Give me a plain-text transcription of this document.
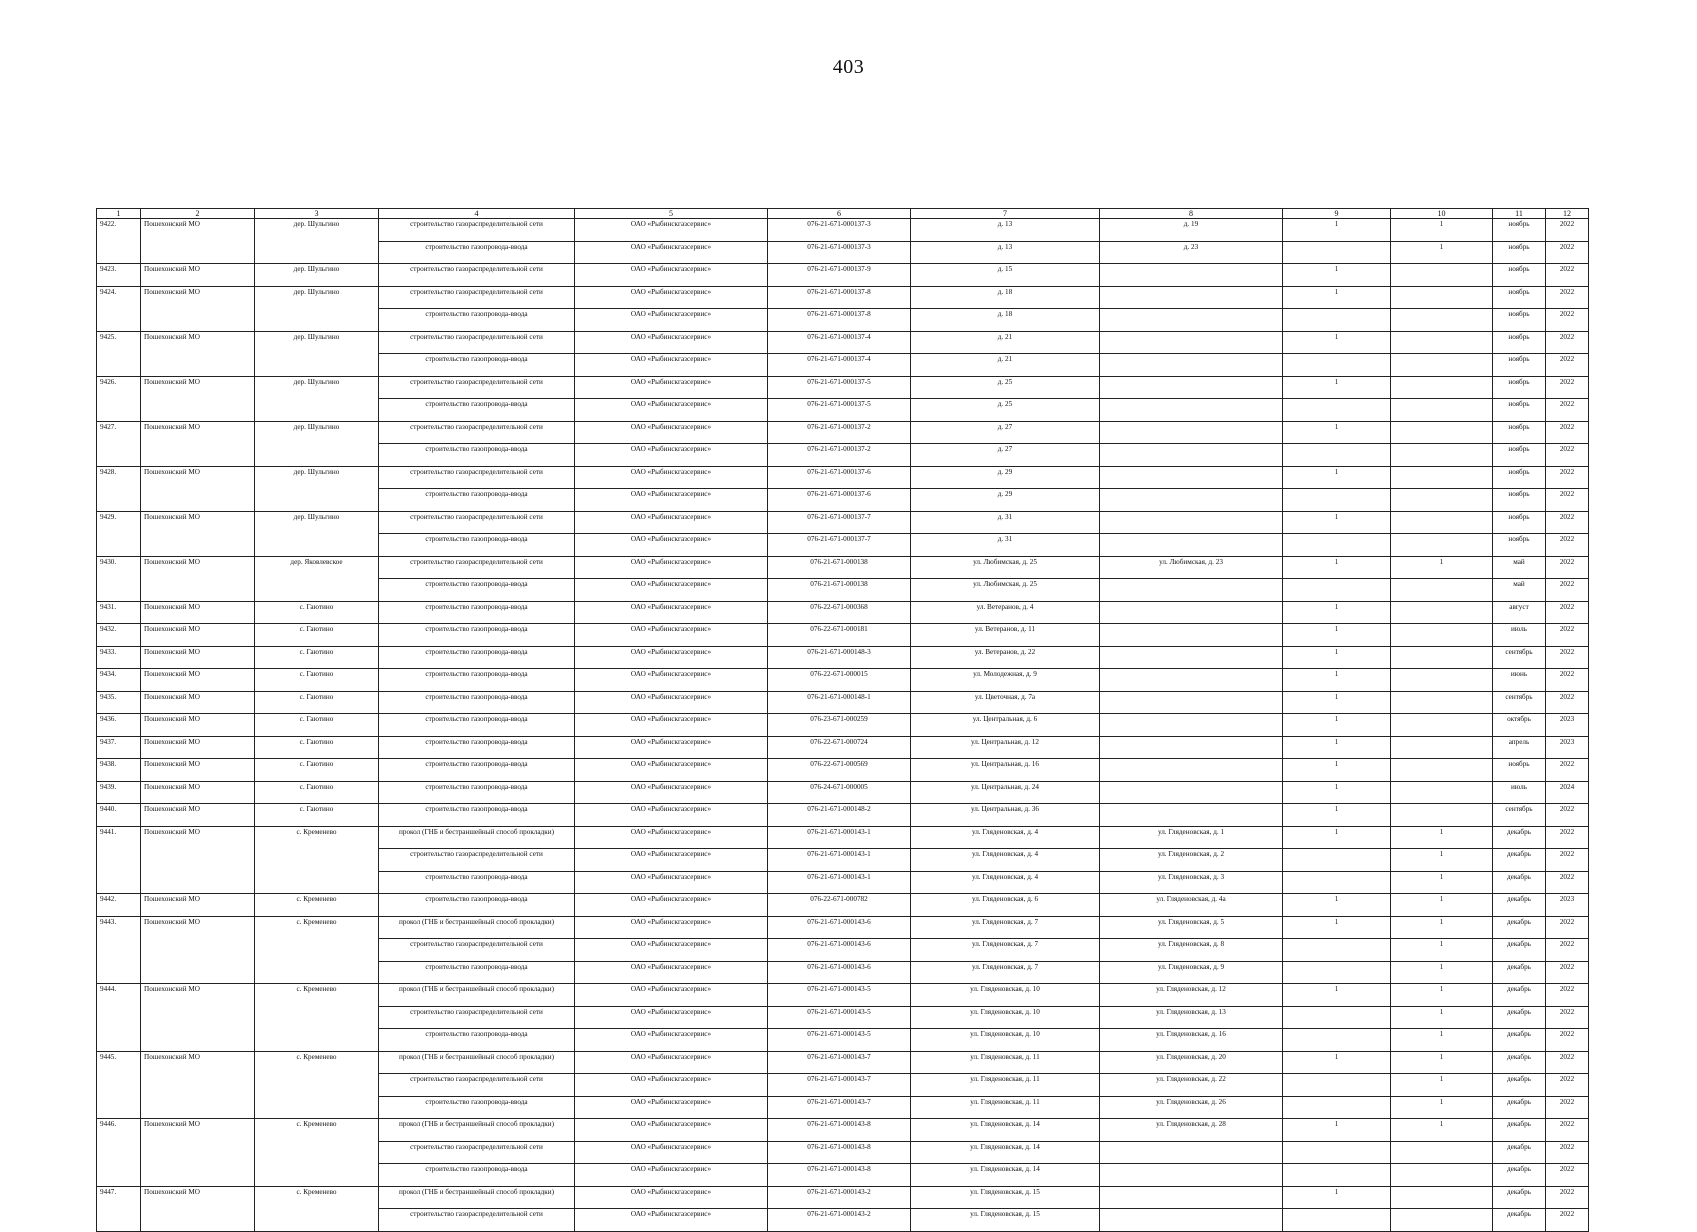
403
1	2	3	4	5	6	7	8	9	10	11	12
9422.	Пошехонский МО	дер. Шульгино	строительство газораспределительной сети	ОАО «Рыбинскгазсервис»	076-21-671-000137-3	д. 13	д. 19	1	1	ноябрь	2022
			строительство газопровода-ввода	ОАО «Рыбинскгазсервис»	076-21-671-000137-3	д. 13	д. 23		1	ноябрь	2022
9423.	Пошехонский МО	дер. Шульгино	строительство газораспределительной сети	ОАО «Рыбинскгазсервис»	076-21-671-000137-9	д. 15		1		ноябрь	2022
9424.	Пошехонский МО	дер. Шульгино	строительство газораспределительной сети	ОАО «Рыбинскгазсервис»	076-21-671-000137-8	д. 18		1		ноябрь	2022
			строительство газопровода-ввода	ОАО «Рыбинскгазсервис»	076-21-671-000137-8	д. 18				ноябрь	2022
9425.	Пошехонский МО	дер. Шульгино	строительство газораспределительной сети	ОАО «Рыбинскгазсервис»	076-21-671-000137-4	д. 21		1		ноябрь	2022
			строительство газопровода-ввода	ОАО «Рыбинскгазсервис»	076-21-671-000137-4	д. 21				ноябрь	2022
9426.	Пошехонский МО	дер. Шульгино	строительство газораспределительной сети	ОАО «Рыбинскгазсервис»	076-21-671-000137-5	д. 25		1		ноябрь	2022
			строительство газопровода-ввода	ОАО «Рыбинскгазсервис»	076-21-671-000137-5	д. 25				ноябрь	2022
9427.	Пошехонский МО	дер. Шульгино	строительство газораспределительной сети	ОАО «Рыбинскгазсервис»	076-21-671-000137-2	д. 27		1		ноябрь	2022
			строительство газопровода-ввода	ОАО «Рыбинскгазсервис»	076-21-671-000137-2	д. 27				ноябрь	2022
9428.	Пошехонский МО	дер. Шульгино	строительство газораспределительной сети	ОАО «Рыбинскгазсервис»	076-21-671-000137-6	д. 29		1		ноябрь	2022
			строительство газопровода-ввода	ОАО «Рыбинскгазсервис»	076-21-671-000137-6	д. 29				ноябрь	2022
9429.	Пошехонский МО	дер. Шульгино	строительство газораспределительной сети	ОАО «Рыбинскгазсервис»	076-21-671-000137-7	д. 31		1		ноябрь	2022
			строительство газопровода-ввода	ОАО «Рыбинскгазсервис»	076-21-671-000137-7	д. 31				ноябрь	2022
9430.	Пошехонский МО	дер. Яковлевское	строительство газораспределительной сети	ОАО «Рыбинскгазсервис»	076-21-671-000138	ул. Любимская, д. 25	ул. Любимская, д. 23	1	1	май	2022
			строительство газопровода-ввода	ОАО «Рыбинскгазсервис»	076-21-671-000138	ул. Любимская, д. 25				май	2022
9431.	Пошехонский МО	с. Гаютино	строительство газопровода-ввода	ОАО «Рыбинскгазсервис»	076-22-671-000368	ул. Ветеранов, д. 4		1		август	2022
9432.	Пошехонский МО	с. Гаютино	строительство газопровода-ввода	ОАО «Рыбинскгазсервис»	076-22-671-000181	ул. Ветеранов, д. 11		1		июль	2022
9433.	Пошехонский МО	с. Гаютино	строительство газопровода-ввода	ОАО «Рыбинскгазсервис»	076-21-671-000148-3	ул. Ветеранов, д. 22		1		сентябрь	2022
9434.	Пошехонский МО	с. Гаютино	строительство газопровода-ввода	ОАО «Рыбинскгазсервис»	076-22-671-000015	ул. Молодежная, д. 9		1		июнь	2022
9435.	Пошехонский МО	с. Гаютино	строительство газопровода-ввода	ОАО «Рыбинскгазсервис»	076-21-671-000148-1	ул. Цветочная, д. 7а		1		сентябрь	2022
9436.	Пошехонский МО	с. Гаютино	строительство газопровода-ввода	ОАО «Рыбинскгазсервис»	076-23-671-000259	ул. Центральная, д. 6		1		октябрь	2023
9437.	Пошехонский МО	с. Гаютино	строительство газопровода-ввода	ОАО «Рыбинскгазсервис»	076-22-671-000724	ул. Центральная, д. 12		1		апрель	2023
9438.	Пошехонский МО	с. Гаютино	строительство газопровода-ввода	ОАО «Рыбинскгазсервис»	076-22-671-000569	ул. Центральная, д. 16		1		ноябрь	2022
9439.	Пошехонский МО	с. Гаютино	строительство газопровода-ввода	ОАО «Рыбинскгазсервис»	076-24-671-000005	ул. Центральная, д. 24		1		июль	2024
9440.	Пошехонский МО	с. Гаютино	строительство газопровода-ввода	ОАО «Рыбинскгазсервис»	076-21-671-000148-2	ул. Центральная, д. 36		1		сентябрь	2022
9441.	Пошехонский МО	с. Кременево	прокол (ГНБ и бестраншейный способ прокладки)	ОАО «Рыбинскгазсервис»	076-21-671-000143-1	ул. Гляденовская, д. 4	ул. Гляденовская, д. 1	1	1	декабрь	2022
			строительство газораспределительной сети	ОАО «Рыбинскгазсервис»	076-21-671-000143-1	ул. Гляденовская, д. 4	ул. Гляденовская, д. 2		1	декабрь	2022
			строительство газопровода-ввода	ОАО «Рыбинскгазсервис»	076-21-671-000143-1	ул. Гляденовская, д. 4	ул. Гляденовская, д. 3		1	декабрь	2022
9442.	Пошехонский МО	с. Кременево	строительство газопровода-ввода	ОАО «Рыбинскгазсервис»	076-22-671-000782	ул. Гляденовская, д. 6	ул. Гляденовская, д. 4а	1	1	декабрь	2023
9443.	Пошехонский МО	с. Кременево	прокол (ГНБ и бестраншейный способ прокладки)	ОАО «Рыбинскгазсервис»	076-21-671-000143-6	ул. Гляденовская, д. 7	ул. Гляденовская, д. 5	1	1	декабрь	2022
			строительство газораспределительной сети	ОАО «Рыбинскгазсервис»	076-21-671-000143-6	ул. Гляденовская, д. 7	ул. Гляденовская, д. 8		1	декабрь	2022
			строительство газопровода-ввода	ОАО «Рыбинскгазсервис»	076-21-671-000143-6	ул. Гляденовская, д. 7	ул. Гляденовская, д. 9		1	декабрь	2022
9444.	Пошехонский МО	с. Кременево	прокол (ГНБ и бестраншейный способ прокладки)	ОАО «Рыбинскгазсервис»	076-21-671-000143-5	ул. Гляденовская, д. 10	ул. Гляденовская, д. 12	1	1	декабрь	2022
			строительство газораспределительной сети	ОАО «Рыбинскгазсервис»	076-21-671-000143-5	ул. Гляденовская, д. 10	ул. Гляденовская, д. 13		1	декабрь	2022
			строительство газопровода-ввода	ОАО «Рыбинскгазсервис»	076-21-671-000143-5	ул. Гляденовская, д. 10	ул. Гляденовская, д. 16		1	декабрь	2022
9445.	Пошехонский МО	с. Кременево	прокол (ГНБ и бестраншейный способ прокладки)	ОАО «Рыбинскгазсервис»	076-21-671-000143-7	ул. Гляденовская, д. 11	ул. Гляденовская, д. 20	1	1	декабрь	2022
			строительство газораспределительной сети	ОАО «Рыбинскгазсервис»	076-21-671-000143-7	ул. Гляденовская, д. 11	ул. Гляденовская, д. 22		1	декабрь	2022
			строительство газопровода-ввода	ОАО «Рыбинскгазсервис»	076-21-671-000143-7	ул. Гляденовская, д. 11	ул. Гляденовская, д. 26		1	декабрь	2022
9446.	Пошехонский МО	с. Кременево	прокол (ГНБ и бестраншейный способ прокладки)	ОАО «Рыбинскгазсервис»	076-21-671-000143-8	ул. Гляденовская, д. 14	ул. Гляденовская, д. 28	1	1	декабрь	2022
			строительство газораспределительной сети	ОАО «Рыбинскгазсервис»	076-21-671-000143-8	ул. Гляденовская, д. 14				декабрь	2022
			строительство газопровода-ввода	ОАО «Рыбинскгазсервис»	076-21-671-000143-8	ул. Гляденовская, д. 14				декабрь	2022
9447.	Пошехонский МО	с. Кременево	прокол (ГНБ и бестраншейный способ прокладки)	ОАО «Рыбинскгазсервис»	076-21-671-000143-2	ул. Гляденовская, д. 15		1		декабрь	2022
			строительство газораспределительной сети	ОАО «Рыбинскгазсервис»	076-21-671-000143-2	ул. Гляденовская, д. 15				декабрь	2022
